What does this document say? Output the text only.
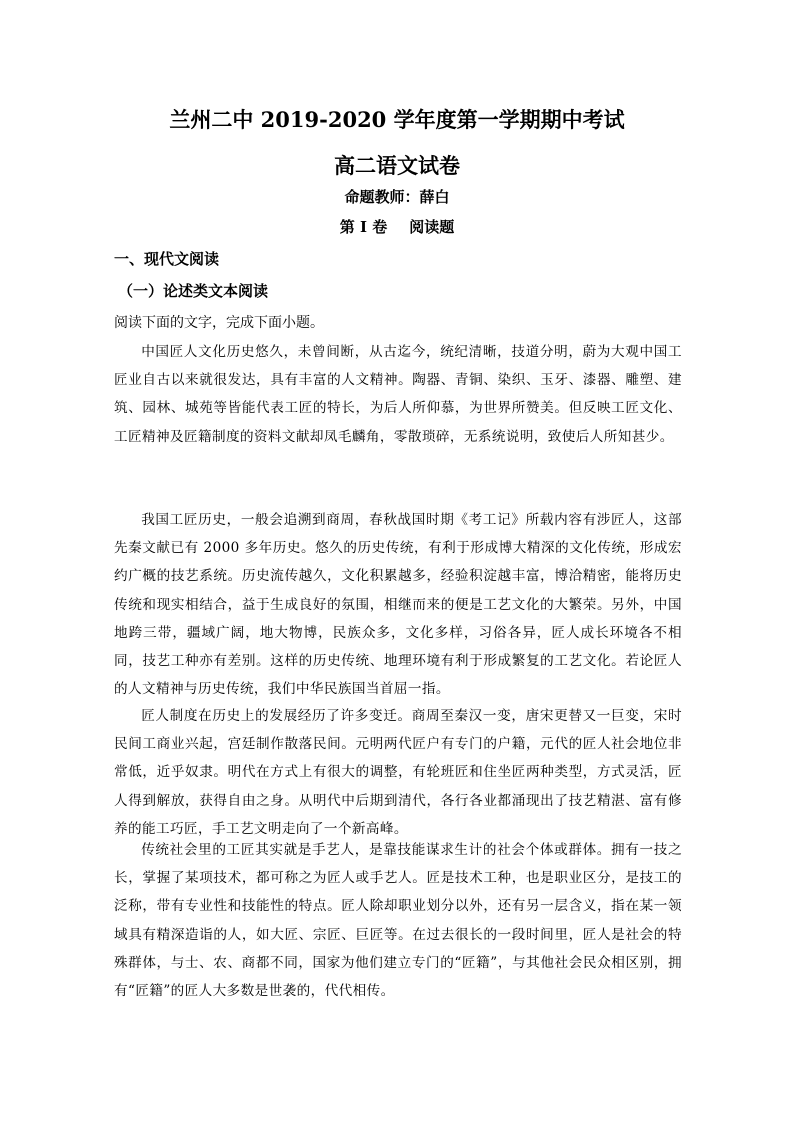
兰州二中 2019-2020 学年度第一学期期中考试
高二语文试卷
命题教师：薛白
第 I 卷 阅读题
一、现代文阅读
（一）论述类文本阅读
阅读下面的文字，完成下面小题。

中国匠人文化历史悠久，未曾间断，从古迄今，统纪清晰，技道分明，蔚为大观中国工匠业自古以来就很发达，具有丰富的人文精神。陶器、青铜、染织、玉牙、漆器、雕塑、建筑、园林、城苑等皆能代表工匠的特长，为后人所仰慕，为世界所赞美。但反映工匠文化、工匠精神及匠籍制度的资料文献却凤毛麟角，零散琐碎，无系统说明，致使后人所知甚少。

我国工匠历史，一般会追溯到商周，春秋战国时期《考工记》所载内容有涉匠人，这部先秦文献已有 2000 多年历史。悠久的历史传统，有利于形成博大精深的文化传统，形成宏约广概的技艺系统。历史流传越久，文化积累越多，经验积淀越丰富，博洽精密，能将历史传统和现实相结合，益于生成良好的氛围，相继而来的便是工艺文化的大繁荣。另外，中国地跨三带，疆域广阔，地大物博，民族众多，文化多样，习俗各异，匠人成长环境各不相同，技艺工种亦有差别。这样的历史传统、地理环境有利于形成繁复的工艺文化。若论匠人的人文精神与历史传统，我们中华民族国当首屈一指。

匠人制度在历史上的发展经历了许多变迁。商周至秦汉一变，唐宋更替又一巨变，宋时民间工商业兴起，宫廷制作散落民间。元明两代匠户有专门的户籍，元代的匠人社会地位非常低，近乎奴隶。明代在方式上有很大的调整，有轮班匠和住坐匠两种类型，方式灵活，匠人得到解放，获得自由之身。从明代中后期到清代，各行各业都涌现出了技艺精湛、富有修养的能工巧匠，手工艺文明走向了一个新高峰。

传统社会里的工匠其实就是手艺人，是靠技能谋求生计的社会个体或群体。拥有一技之长，掌握了某项技术，都可称之为匠人或手艺人。匠是技术工种，也是职业区分，是技工的泛称，带有专业性和技能性的特点。匠人除却职业划分以外，还有另一层含义，指在某一领域具有精深造诣的人，如大匠、宗匠、巨匠等。在过去很长的一段时间里，匠人是社会的特殊群体，与士、农、商都不同，国家为他们建立专门的“匠籍”，与其他社会民众相区别，拥有“匠籍”的匠人大多数是世袭的，代代相传。
